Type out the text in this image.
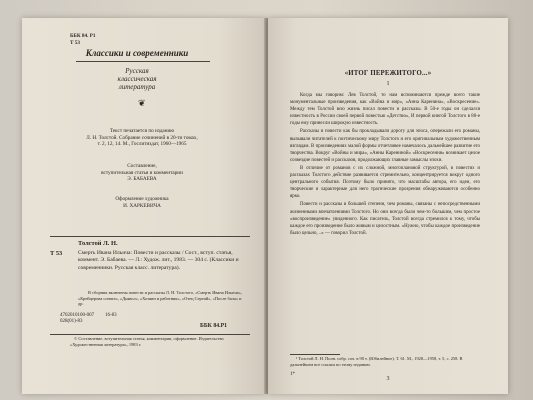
ББК 84. Р1
Т 53
Классики и современники
Русская
классическая
литература
❦
Текст печатается по изданию
Л. Н. Толстой. Собрание сочинений в 20-ти томах,
т. 2, 12, 14. М., Гослитиздат, 1960—1965
Составление,
вступительная статья и комментарии
Э. БАБАЕВА
Оформление художника
И. ХАРКЕВИЧА
Толстой Л. Н.
Т 53	Смерть Ивана Ильича: Повести и рассказы / Сост., вступ. статья, коммент. Э. Бабаева. — Л.: Худож. лит., 1983. — 304 с. (Классики и современники. Русская класс. литература).
В сборник включены повести и рассказы Л. Н. Толстого, «Смерть Ивана Ильича», «Крейцерова соната», «Дьявол», «Хозяин и работник», «Отец Сергий», «После бала» и др.
4702010100-007
028(01)-83
16-83
ББК 84.Р1
© Составление, вступительная статья, комментарии, оформление. Издательство «Художественная литература», 1983 г.
«ИТОГ ПЕРЕЖИТОГО...»
1

Когда мы говорим: Лев Толстой, то нам вспоминаются прежде всего такие монументальные произведения, как «Война и мир», «Анна Каренина», «Воскресение». Между тем Толстой всю жизнь писал повести и рассказы. В 50-е годы он сделался известность в России своей первой повестью «Детство», И первой книгой Толстого в 80-е годы ему принесли широкую известность.

Рассказы и повести как бы прокладывали дорогу для эпоса, опережали его романы, вызывали читателей к поэтическому миру Толстого и его оригинальным художественным взглядам. В произведениях малой формы отчетливее намечалось дальнейшее развитие его творчества. Вокруг «Войны и мира», «Анны Карениной» «Воскресения» возникает целое созвездие повестей и рассказов, продолжающих главные замыслы эпохи.

В отличие от романов с их сложной, многоплановой структурой, в повестях и рассказах Толстого действие развивается стремительно, концентрируется вокруг одного центрального события. Поэтому было принято, что масштабы автора, его идеи, его творческие и характерные для него трагические прозрения обнаруживаются особенно ярко.

Повести и рассказы в большей степени, чем романы, связаны с непосредственными жизненными впечатлениями Толстого. Но они всегда были чем-то большим, чем простое «воспроизведение» увиденного. Как писатель, Толстой всегда стремился к тому, чтобы каждое его произведение было живым и целостным. «Нужно, чтобы каждое произведение было цельно, ..» — говорил Толстой.

¹ Толстой Л. Н. Полн. собр. соч. в 90 т. (Юбилейное). Т. 61. М., 1928—1958, т. 5, с. 258. В дальнейшем все ссылки по этому изданию.
1*
3
